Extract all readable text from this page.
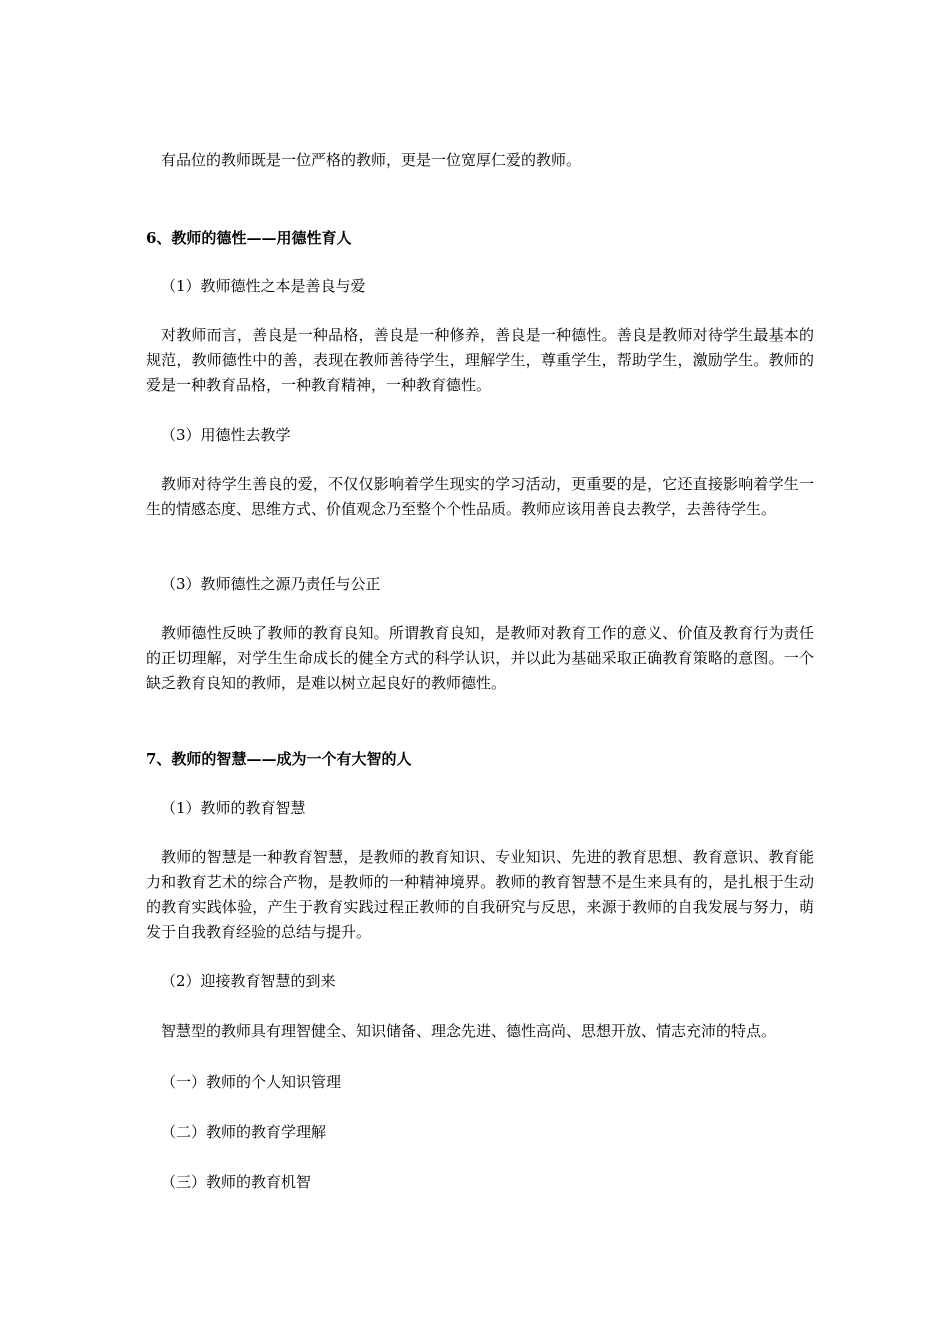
有品位的教师既是一位严格的教师，更是一位宽厚仁爱的教师。
6、教师的德性——用德性育人
（1）教师德性之本是善良与爱
对教师而言，善良是一种品格，善良是一种修养，善良是一种德性。善良是教师对待学生最基本的规范，教师德性中的善，表现在教师善待学生，理解学生，尊重学生，帮助学生，激励学生。教师的爱是一种教育品格，一种教育精神，一种教育德性。
（3）用德性去教学
教师对待学生善良的爱，不仅仅影响着学生现实的学习活动，更重要的是，它还直接影响着学生一生的情感态度、思维方式、价值观念乃至整个个性品质。教师应该用善良去教学，去善待学生。
（3）教师德性之源乃责任与公正
教师德性反映了教师的教育良知。所谓教育良知，是教师对教育工作的意义、价值及教育行为责任的正切理解，对学生生命成长的健全方式的科学认识，并以此为基础采取正确教育策略的意图。一个缺乏教育良知的教师，是难以树立起良好的教师德性。
7、教师的智慧——成为一个有大智的人
（1）教师的教育智慧
教师的智慧是一种教育智慧，是教师的教育知识、专业知识、先进的教育思想、教育意识、教育能力和教育艺术的综合产物，是教师的一种精神境界。教师的教育智慧不是生来具有的，是扎根于生动的教育实践体验，产生于教育实践过程正教师的自我研究与反思，来源于教师的自我发展与努力，萌发于自我教育经验的总结与提升。
（2）迎接教育智慧的到来
智慧型的教师具有理智健全、知识储备、理念先进、德性高尚、思想开放、情志充沛的特点。
（一）教师的个人知识管理
（二）教师的教育学理解
（三）教师的教育机智
